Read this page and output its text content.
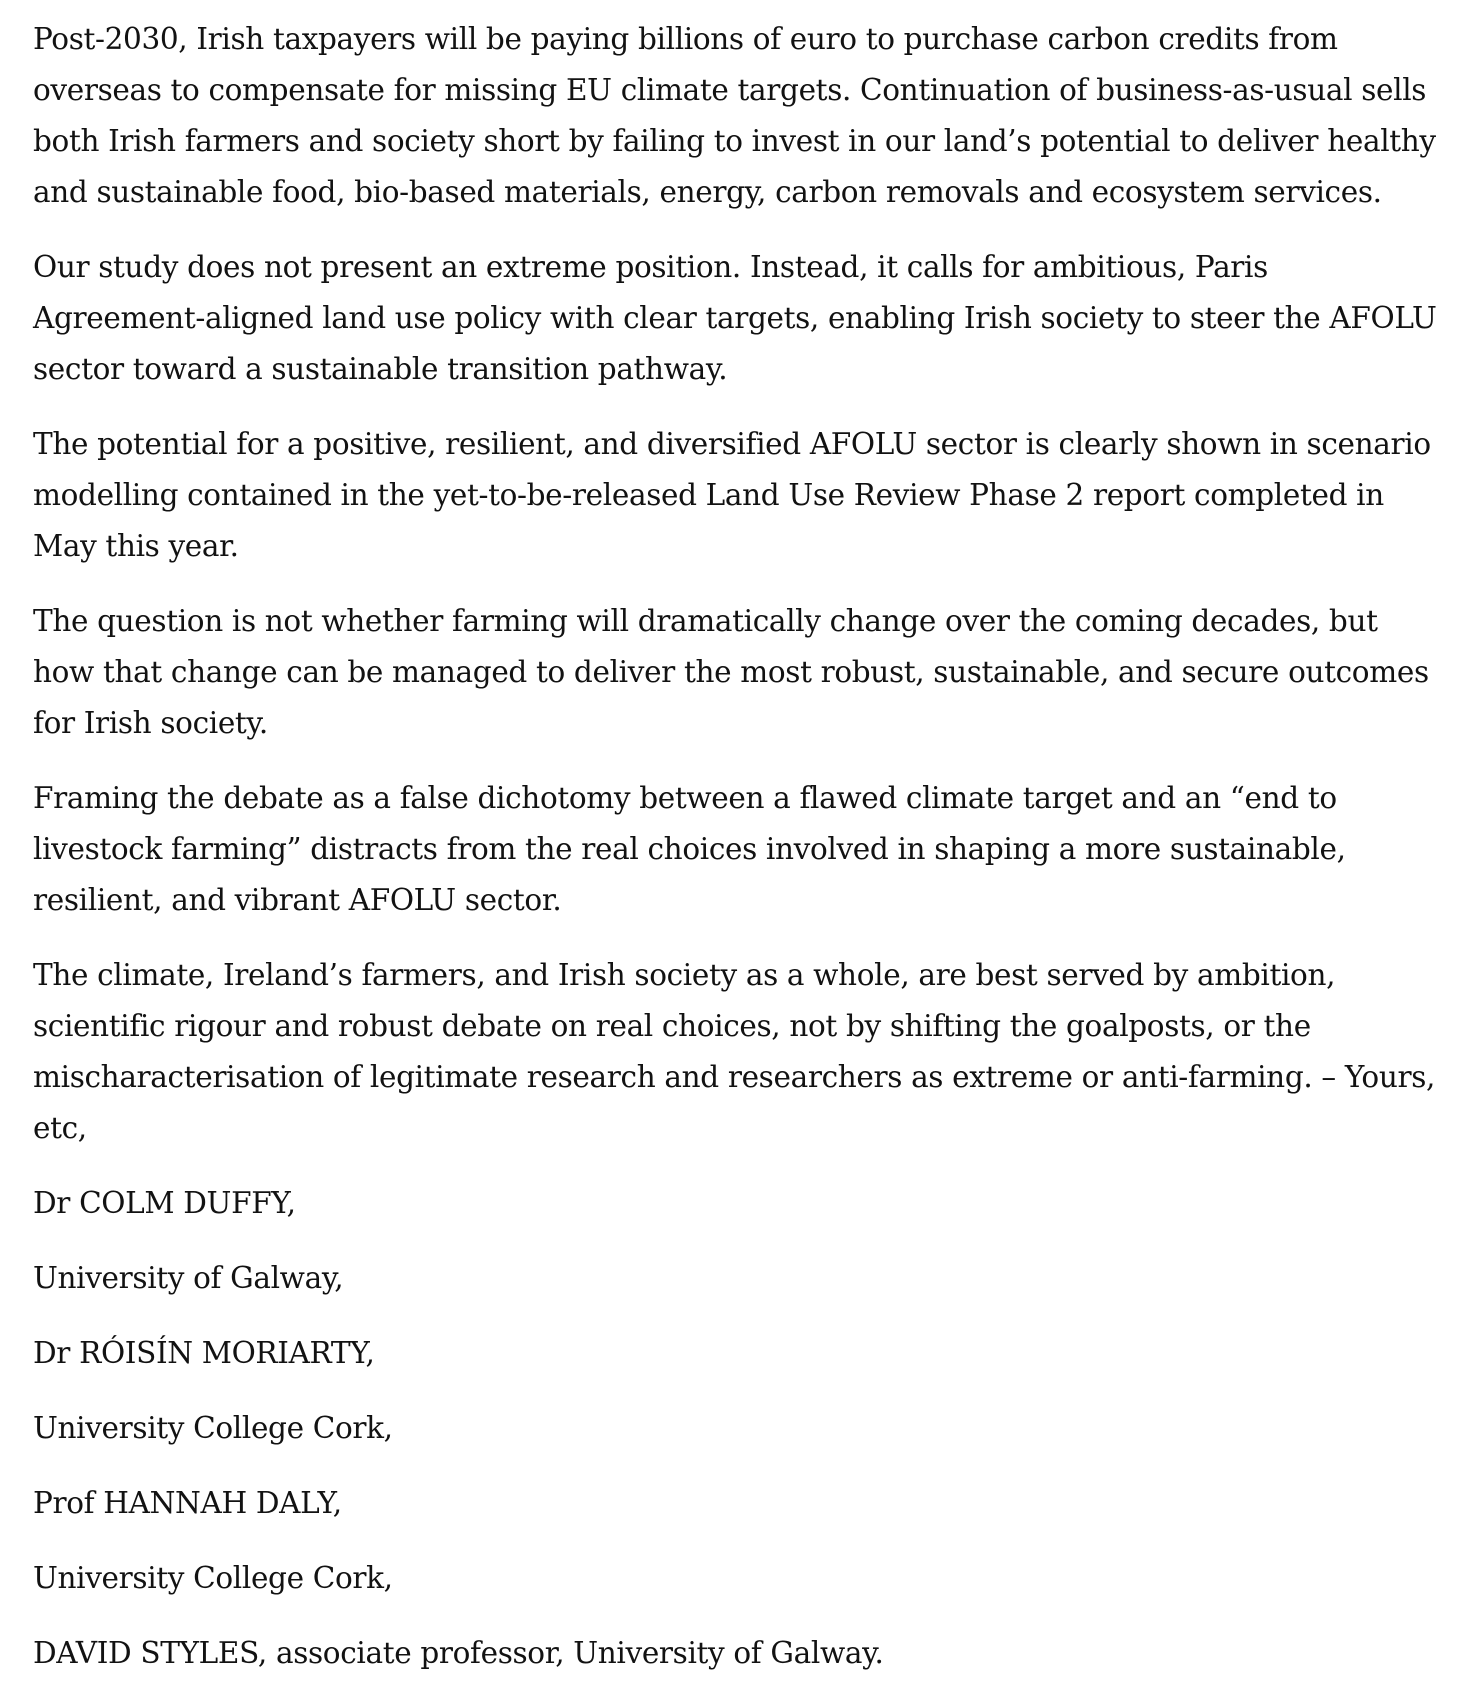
Post-2030, Irish taxpayers will be paying billions of euro to purchase carbon credits from overseas to compensate for missing EU climate targets. Continuation of business-as-usual sells both Irish farmers and society short by failing to invest in our land’s potential to deliver healthy and sustainable food, bio-based materials, energy, carbon removals and ecosystem services.

Our study does not present an extreme position. Instead, it calls for ambitious, Paris Agreement-aligned land use policy with clear targets, enabling Irish society to steer the AFOLU sector toward a sustainable transition pathway.

The potential for a positive, resilient, and diversified AFOLU sector is clearly shown in scenario modelling contained in the yet-to-be-released Land Use Review Phase 2 report completed in May this year.

The question is not whether farming will dramatically change over the coming decades, but how that change can be managed to deliver the most robust, sustainable, and secure outcomes for Irish society.

Framing the debate as a false dichotomy between a flawed climate target and an “end to livestock farming” distracts from the real choices involved in shaping a more sustainable, resilient, and vibrant AFOLU sector.

The climate, Ireland’s farmers, and Irish society as a whole, are best served by ambition, scientific rigour and robust debate on real choices, not by shifting the goalposts, or the mischaracterisation of legitimate research and researchers as extreme or anti-farming. – Yours, etc,

Dr COLM DUFFY,

University of Galway,

Dr RÓISÍN MORIARTY,

University College Cork,

Prof HANNAH DALY,

University College Cork,

DAVID STYLES, associate professor, University of Galway.
